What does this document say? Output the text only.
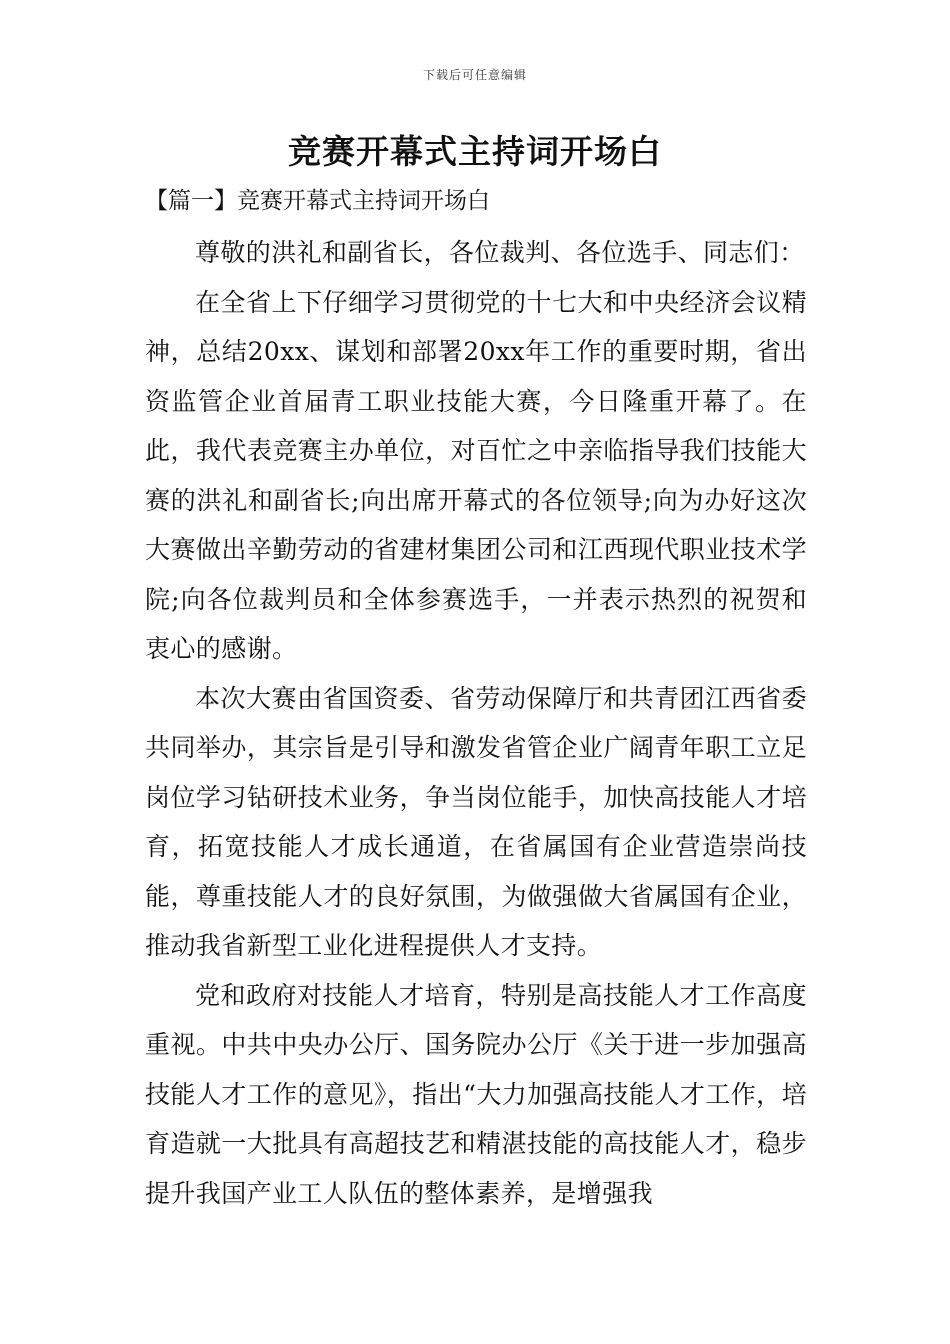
下载后可任意编辑
竞赛开幕式主持词开场白
【篇一】竞赛开幕式主持词开场白

尊敬的洪礼和副省长，各位裁判、各位选手、同志们：

在全省上下仔细学习贯彻党的十七大和中央经济会议精神，总结20xx、谋划和部署20xx年工作的重要时期，省出资监管企业首届青工职业技能大赛，今日隆重开幕了。在此，我代表竞赛主办单位，对百忙之中亲临指导我们技能大赛的洪礼和副省长;向出席开幕式的各位领导;向为办好这次大赛做出辛勤劳动的省建材集团公司和江西现代职业技术学院;向各位裁判员和全体参赛选手，一并表示热烈的祝贺和衷心的感谢。

本次大赛由省国资委、省劳动保障厅和共青团江西省委共同举办，其宗旨是引导和激发省管企业广阔青年职工立足岗位学习钻研技术业务，争当岗位能手，加快高技能人才培育，拓宽技能人才成长通道，在省属国有企业营造崇尚技能，尊重技能人才的良好氛围，为做强做大省属国有企业，推动我省新型工业化进程提供人才支持。

党和政府对技能人才培育，特别是高技能人才工作高度重视。中共中央办公厅、国务院办公厅《关于进一步加强高技能人才工作的意见》，指出“大力加强高技能人才工作，培育造就一大批具有高超技艺和精湛技能的高技能人才，稳步提升我国产业工人队伍的整体素养，是增强我
